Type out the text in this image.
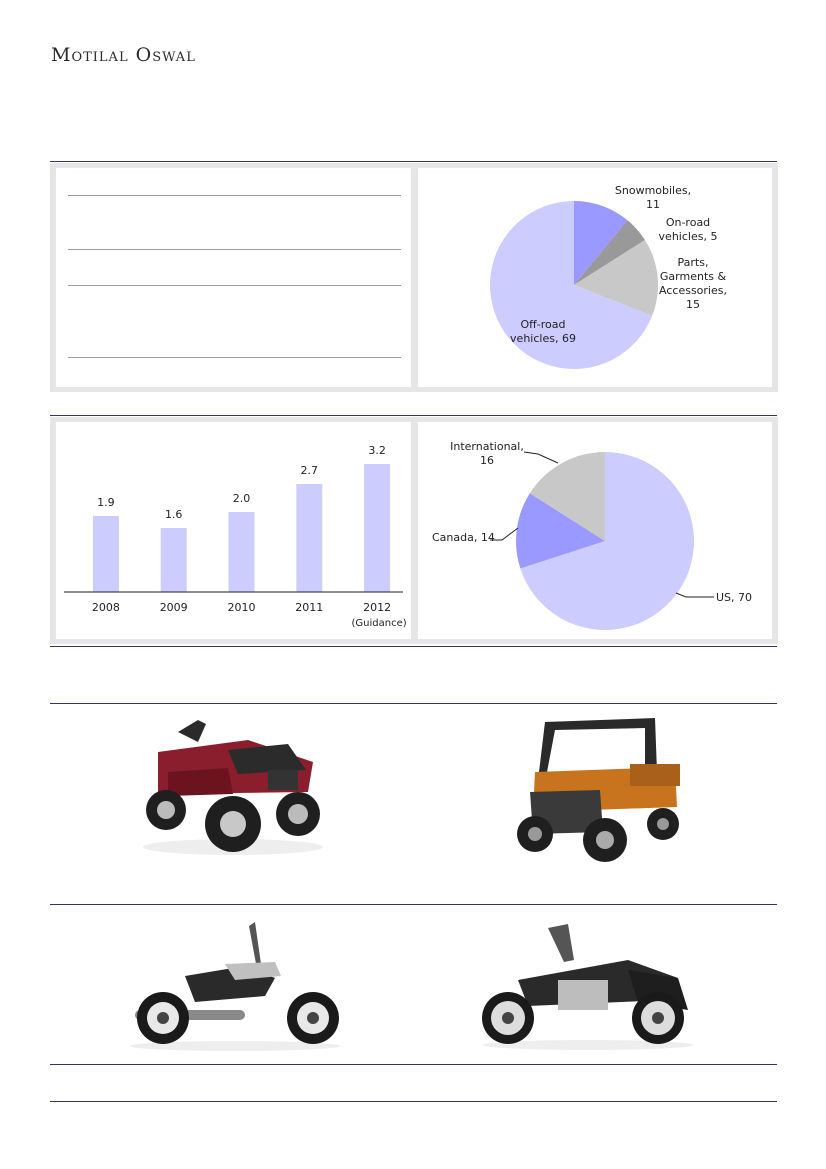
Motilal Oswal
Snowmobiles, 11
On-road vehicles, 5
Parts, Garments & Accessories, 15
Off-road vehicles, 69
1.9
2008
1.6
2009
2.0
2010
2.7
2011
3.2
2012
(Guidance)
US, 70
Canada, 14
International, 16
